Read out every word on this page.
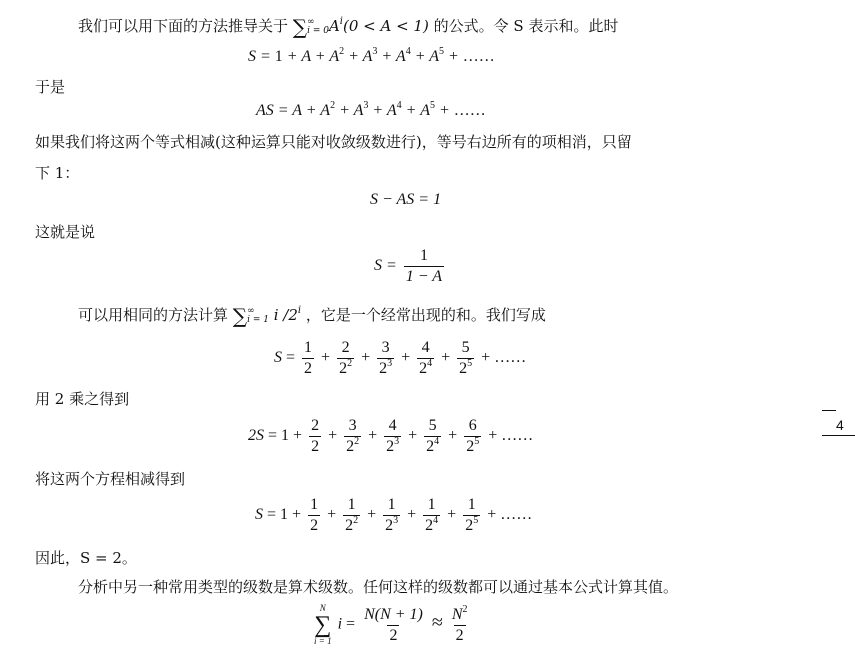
我们可以用下面的方法推导关于 ∑ ∞
i = 0 $A^i(0 < A < 1)$ 的公式。令 S 表示和。此时
$S = 1 + A + A^2 + A^3 + A^4 + A^5$ + ……
于是
AS = $A + A^2 + A^3 + A^4 + A^5$ + ……
如果我们将这两个等式相减(这种运算只能对收敛级数进行)，等号右边所有的项相消，只留
下 1：
S − AS = 1
这就是说
$S = \frac{1}{1 - A}$
可以用相同的方法计算 ∑ ∞
i = 1 i /2$^i$ ，它是一个经常出现的和。我们写成
$S = \frac{1}{2} + \frac{2}{2^2} + \frac{3}{2^3} + \frac{4}{2^4} + \frac{5}{2^5}$ + ……
用 2 乘之得到
$2S = 1 + \frac{2}{2} + \frac{3}{2^2} + \frac{4}{2^3} + \frac{5}{2^4} + \frac{6}{2^5}$ + ……
4
将这两个方程相减得到
$S = 1 + \frac{1}{2} + \frac{1}{2^2} + \frac{1}{2^3} + \frac{1}{2^4} + \frac{1}{2^5}$ + ……
因此，S = 2。
分析中另一种常用类型的级数是算术级数。任何这样的级数都可以通过基本公式计算其值。
N
∑
i = 1
$i = \frac{N(N + 1)}{2} \approx \frac{N^2}{2}$
